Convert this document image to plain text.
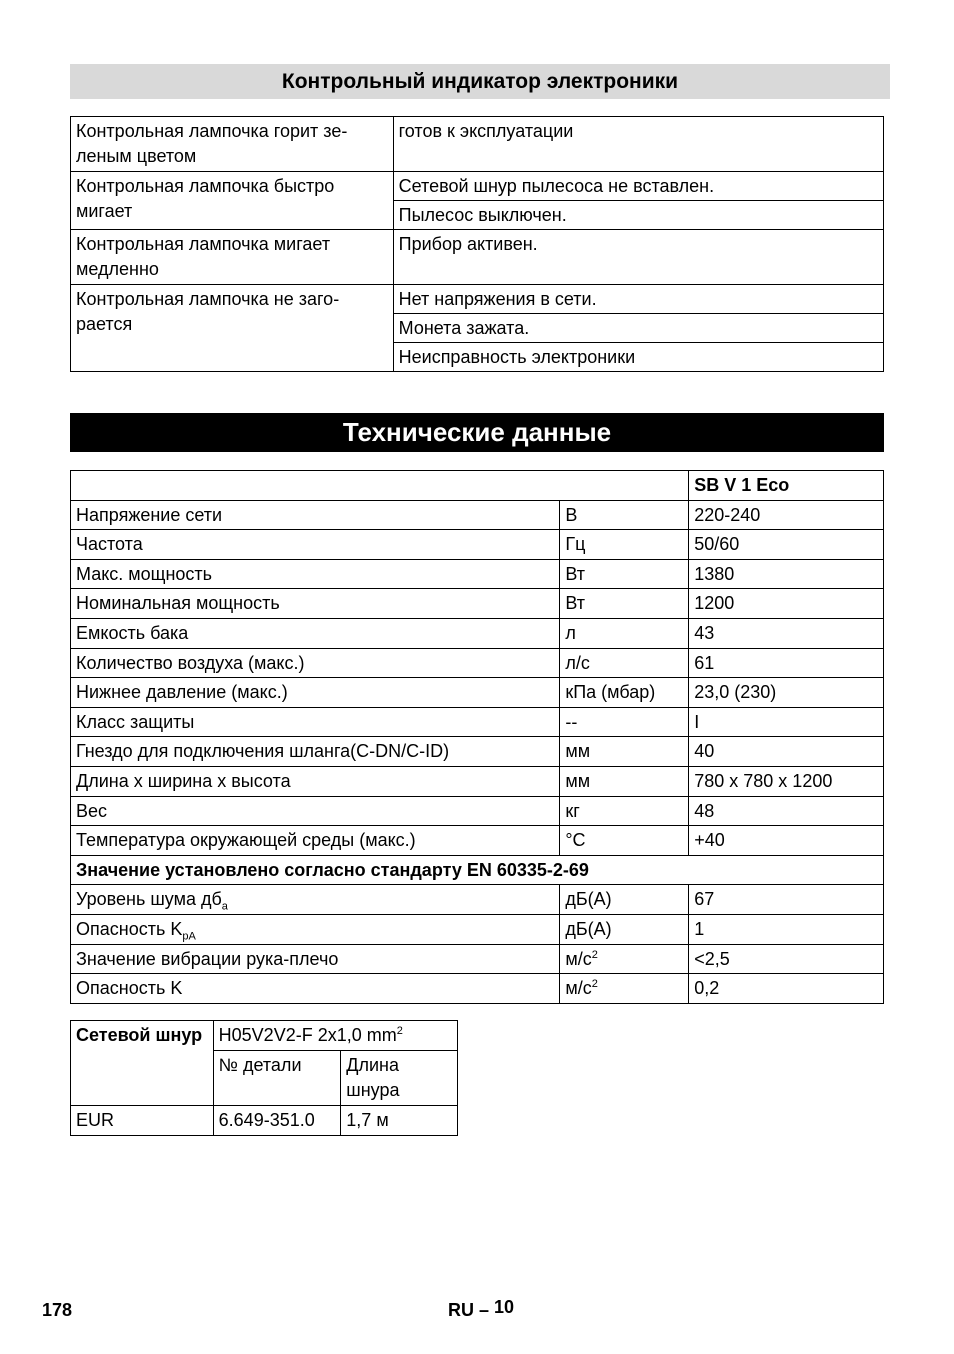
Контрольный индикатор электроники
Контрольная лампочка горит зе-леным цветом	готов к эксплуатации
Контрольная лампочка быстро мигает	Сетевой шнур пылесоса не вставлен.
	Пылесос выключен.
Контрольная лампочка мигает медленно	Прибор активен.
Контрольная лампочка не заго-рается	Нет напряжения в сети.
	Монета зажата.
	Неисправность электроники
Технические данные
		SB V 1 Eco
Напряжение сети	В	220-240
Частота	Гц	50/60
Макс. мощность	Вт	1380
Номинальная мощность	Вт	1200
Емкость бака	л	43
Количество воздуха (макс.)	л/с	61
Нижнее давление (макс.)	кПа (мбар)	23,0 (230)
Класс защиты	--	I
Гнездо для подключения шланга(C-DN/C-ID)	мм	40
Длина x ширина x высота	мм	780 x 780 x 1200
Вес	кг	48
Температура окружающей среды (макс.)	°С	+40
Значение установлено согласно стандарту EN 60335-2-69		
Уровень шума $дб_a$	дБ(А)	67
Опасность $K_{pA}$	дБ(А)	1
Значение вибрации рука-плечо	$м/с^2$	<2,5
Опасность K	$м/с^2$	0,2
Сетевой шнур	H05V2V2-F 2x1,0 $mm^2$
	№ детали	Длина шнура
EUR	6.649-351.0	1,7 м
178	RU – 10
